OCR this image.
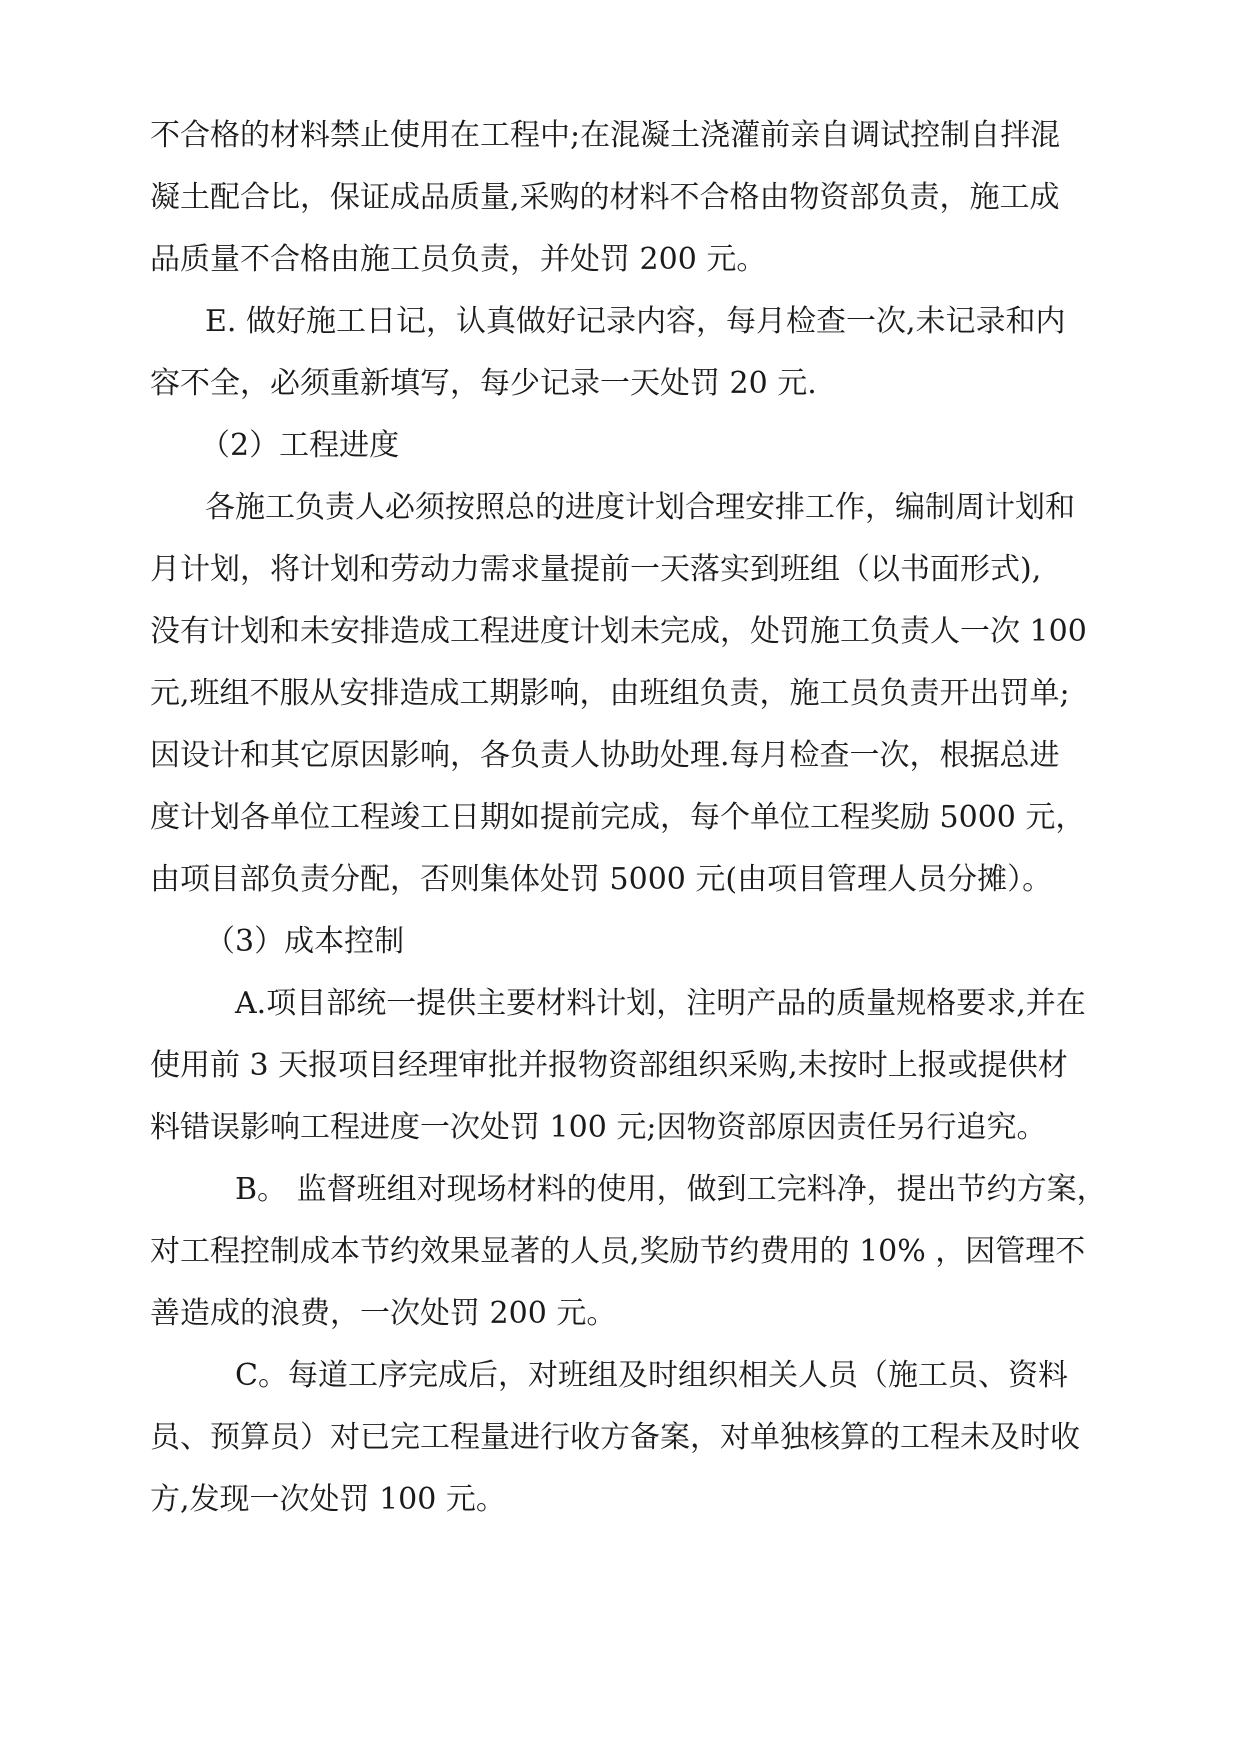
不合格的材料禁止使用在工程中;在混凝土浇灌前亲自调试控制自拌混

凝土配合比，保证成品质量,采购的材料不合格由物资部负责，施工成

品质量不合格由施工员负责，并处罚 200 元。

E. 做好施工日记，认真做好记录内容，每月检查一次,未记录和内

容不全，必须重新填写，每少记录一天处罚 20 元.

（2）工程进度

各施工负责人必须按照总的进度计划合理安排工作，编制周计划和

月计划，将计划和劳动力需求量提前一天落实到班组（以书面形式),

没有计划和未安排造成工程进度计划未完成，处罚施工负责人一次 100

元,班组不服从安排造成工期影响，由班组负责，施工员负责开出罚单;

因设计和其它原因影响，各负责人协助处理.每月检查一次，根据总进

度计划各单位工程竣工日期如提前完成，每个单位工程奖励 5000 元，

由项目部负责分配，否则集体处罚 5000 元(由项目管理人员分摊）。

（3）成本控制

A.项目部统一提供主要材料计划，注明产品的质量规格要求,并在

使用前 3 天报项目经理审批并报物资部组织采购,未按时上报或提供材

料错误影响工程进度一次处罚 100 元;因物资部原因责任另行追究。

B。 监督班组对现场材料的使用，做到工完料净，提出节约方案，

对工程控制成本节约效果显著的人员,奖励节约费用的 10% ，因管理不

善造成的浪费，一次处罚 200 元。

C。每道工序完成后，对班组及时组织相关人员（施工员、资料

员、预算员）对已完工程量进行收方备案，对单独核算的工程未及时收

方,发现一次处罚 100 元。
